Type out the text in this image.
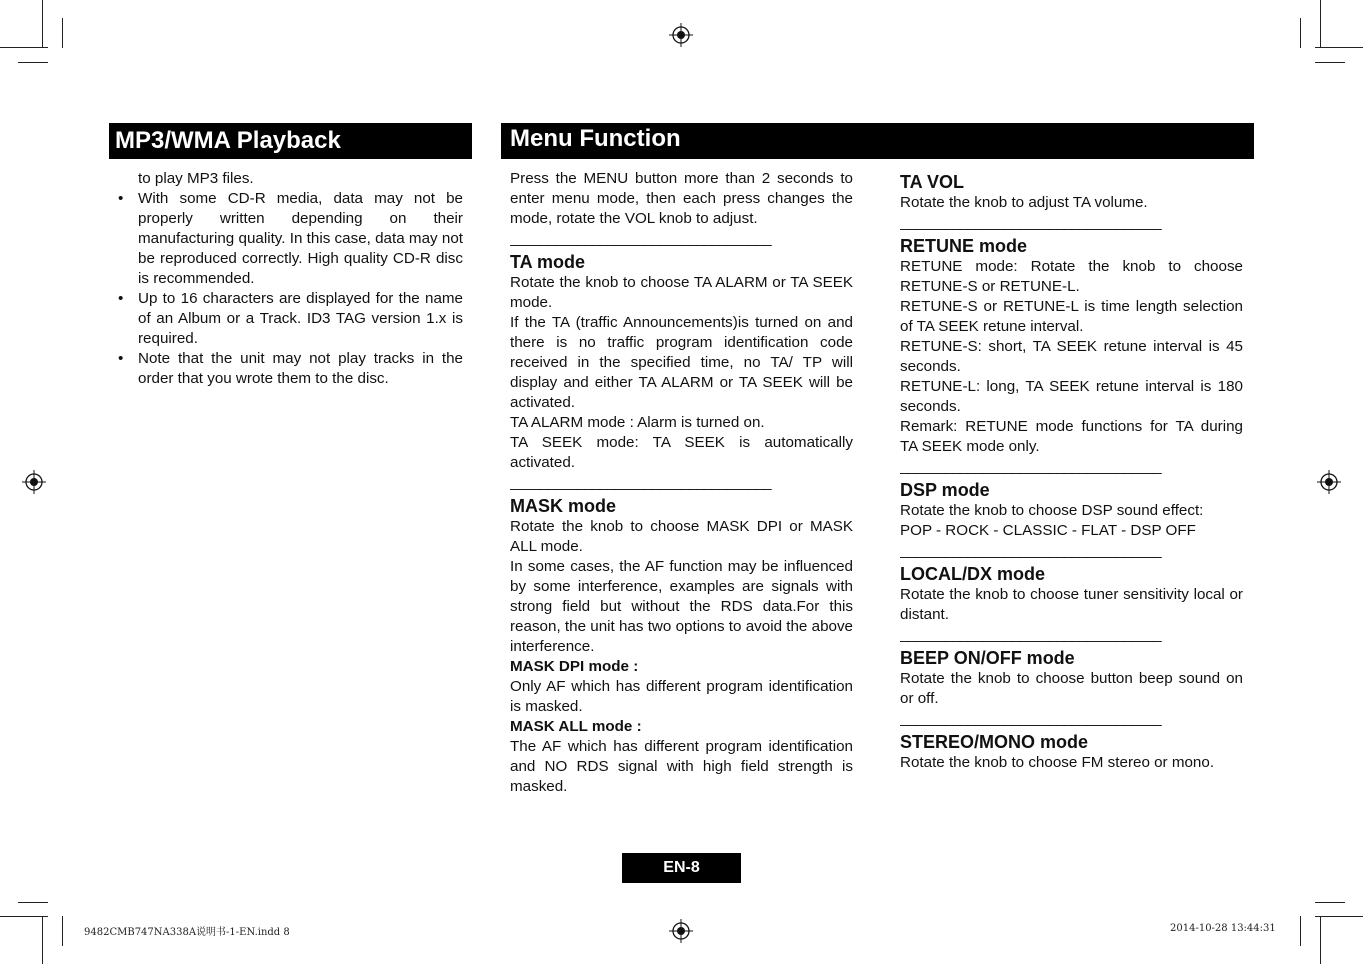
MP3/WMA Playback	Menu Function

to play MP3 files.

• With some CD-R media, data may not be properly written depending on their manufacturing quality. In this case, data may not be reproduced correctly. High quality CD-R disc is recommended.
• Up to 16 characters are displayed for the name of an Album or a Track. ID3 TAG version 1.x is required.
• Note that the unit may not play tracks in the order that you wrote them to the disc.

Press the MENU button more than 2 seconds to enter menu mode, then each press changes the mode, rotate the VOL knob to adjust.

___________________________________

TA mode

Rotate the knob to choose TA ALARM or TA SEEK mode.

If the TA (traffic Announcements)is turned on and there is no traffic program identification code received in the specified time, no TA/ TP will display and either TA ALARM or TA SEEK will be activated.

TA ALARM mode : Alarm is turned on.

TA SEEK mode: TA SEEK is automatically activated.

___________________________________

MASK mode

Rotate the knob to choose MASK DPI or MASK ALL mode.

In some cases, the AF function may be influenced by some interference, examples are signals with strong field but without the RDS data.For this reason, the unit has two options to avoid the above interference.

MASK DPI mode :

Only AF which has different program identification is masked.

MASK ALL mode :

The AF which has different program identification and NO RDS signal with high field strength is masked.

TA VOL

Rotate the knob to adjust TA volume.

___________________________________

RETUNE mode

RETUNE mode: Rotate the knob to choose RETUNE-S or RETUNE-L.

RETUNE-S or RETUNE-L is time length selection of TA SEEK retune interval.

RETUNE-S: short, TA SEEK retune interval is 45 seconds.

RETUNE-L: long, TA SEEK retune interval is 180 seconds.

Remark: RETUNE mode functions for TA during TA SEEK mode only.

___________________________________

DSP mode

Rotate the knob to choose DSP sound effect:

POP - ROCK - CLASSIC - FLAT - DSP OFF

___________________________________

LOCAL/DX mode

Rotate the knob to choose tuner sensitivity local or distant.

___________________________________

BEEP ON/OFF mode

Rotate the knob to choose button beep sound on or off.

___________________________________

STEREO/MONO mode

Rotate the knob to choose FM stereo or mono.

EN-8
9482CMB747NA338A说明书-1-EN.indd 8	2014-10-28 13:44:31
